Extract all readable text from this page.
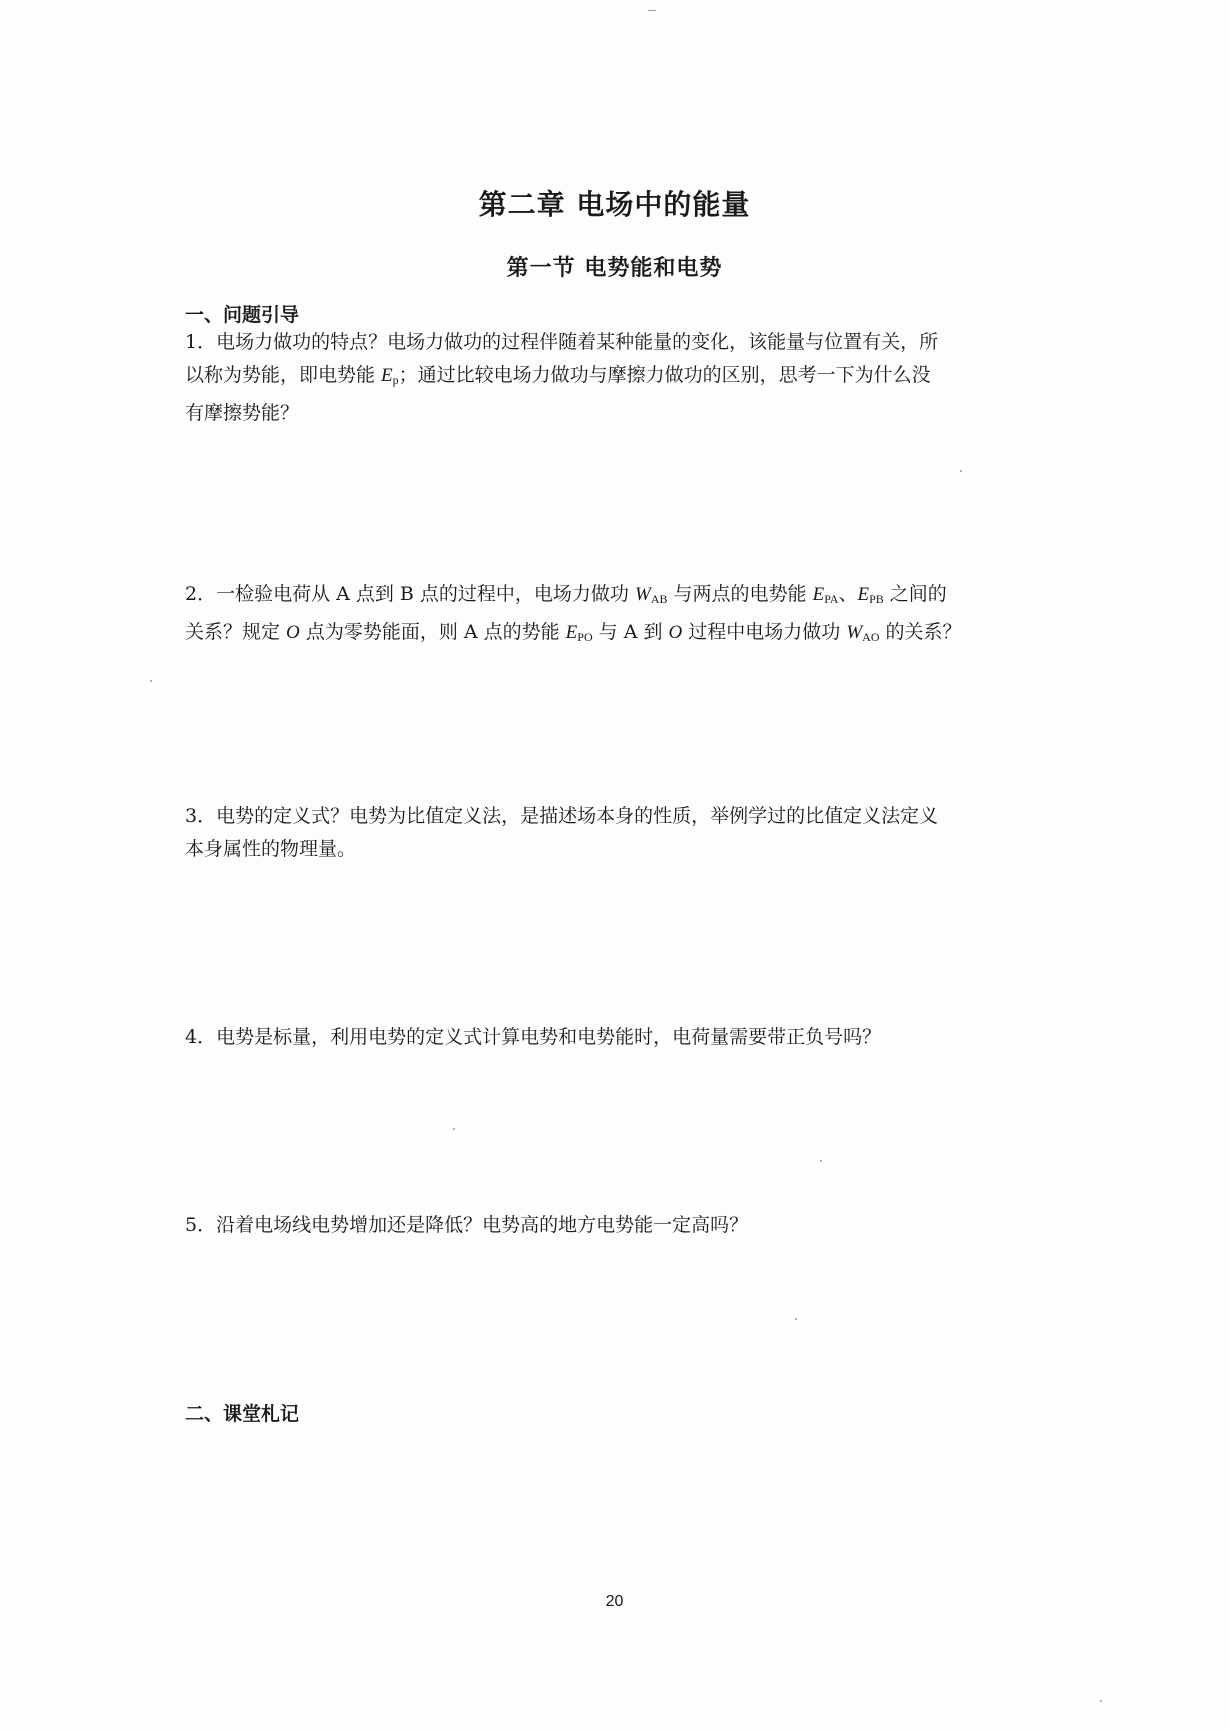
第二章 电场中的能量
第一节 电势能和电势
一、问题引导
1．电场力做功的特点？电场力做功的过程伴随着某种能量的变化，该能量与位置有关，所
以称为势能，即电势能 $E_p$；通过比较电场力做功与摩擦力做功的区别，思考一下为什么没
有摩擦势能？
2．一检验电荷从 A 点到 B 点的过程中，电场力做功 $W_{AB}$ 与两点的电势能 $E_{PA}$、$E_{PB}$ 之间的
关系？规定 O 点为零势能面，则 A 点的势能 $E_{PO}$ 与 A 到 O 过程中电场力做功 $W_{AO}$ 的关系？
3．电势的定义式？电势为比值定义法，是描述场本身的性质，举例学过的比值定义法定义
本身属性的物理量。
4．电势是标量，利用电势的定义式计算电势和电势能时，电荷量需要带正负号吗？
5．沿着电场线电势增加还是降低？电势高的地方电势能一定高吗？
二、课堂札记
20
